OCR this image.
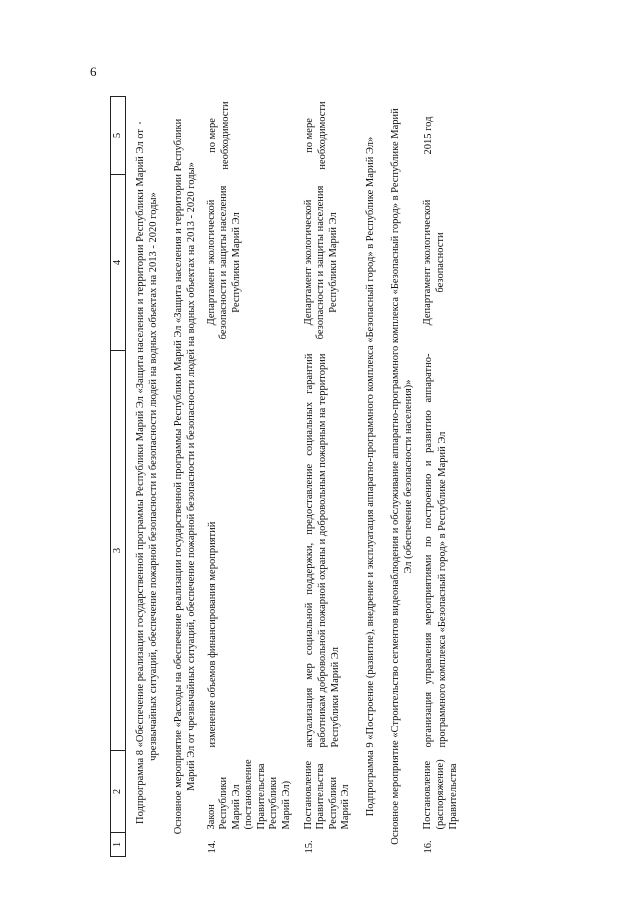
6
1	2	3	4	5
Подпрограмма 8 «Обеспечение реализации государственной программы Республики Марий Эл «Защита населения и территории Республики Марий Эл от чрезвычайных ситуаций, обеспечение пожарной безопасности и безопасности людей на водных объектах на 2013 - 2020 годы»				
Основное мероприятие «Расходы на обеспечение реализации государственной программы Республики Марий Эл «Защита населения и территории Республики Марий Эл от чрезвычайных ситуаций, обеспечение пожарной безопасности и безопасности людей на водных объектах на 2013 - 2020 годы»				
14.	Закон Республики Марий Эл (постановление Правительства Республики Марий Эл)	изменение объемов финансирования мероприятий	Департамент экологической безопасности и защиты населения Республики Марий Эл	по мере необходимости
15.	Постановление Правительства Республики Марий Эл	актуализация мер социальной поддержки, предоставление социальных гарантий работникам добровольной пожарной охраны и добровольным пожарным на территории Республики Марий Эл	Департамент экологической безопасности и защиты населения Республики Марий Эл	по мере необходимости
Подпрограмма 9 «Построение (развитие), внедрение и эксплуатация аппаратно-программного комплекса «Безопасный город» в Республике Марий Эл»				
Основное мероприятие «Строительство сегментов видеонаблюдения и обслуживание аппаратно-программного комплекса «Безопасный город» в Республике Марий Эл (обеспечение безопасности населения)»				
16.	Постановление (распоряжение) Правительства	организация управления мероприятиями по построению и развитию аппаратно-программного комплекса «Безопасный город» в Республике Марий Эл	Департамент экологической безопасности	2015 год
